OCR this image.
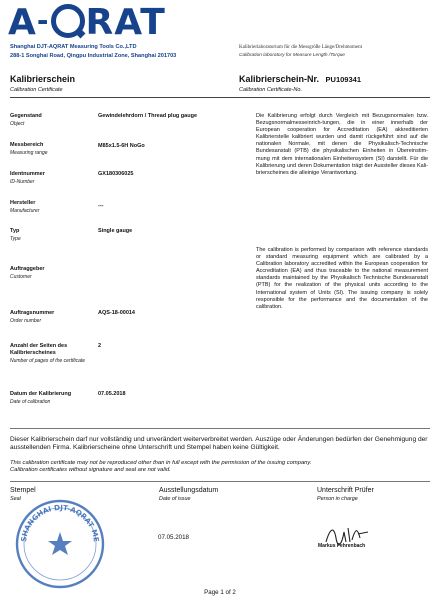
A- RAT
Shanghai DJT-AQRAT Measuring Tools Co.,LTD
288-1 Songhai Road, Qingpu Industrial Zone, Shanghai 201703
Kalibrierlaboratorium für die Messgröße Länge/Drehmoment
Calibration laboratory for Measure Length /Torque
Kalibrierschein
Calibration Certificate
Kalibrierschein-Nr. PU109341
Calibration Certificate-No.
Gegenstand
Object
Gewindelehrdorn / Thread plug gauge
Messbereich
Measuring range
M85x1.5-6H NoGo
Identnummer
ID-Number
GX180306025
Hersteller
Manufacturer
---
Typ
Type
Single gauge
Auftraggeber
Customer
Auftragsnummer
Order number
AQS-18-00014
Anzahl der Seiten des Kalibrierscheines
Number of pages of the certificate
2
Datum der Kalibrierung
Date of calibration
07.05.2018
Die Kalibrierung erfolgt durch Vergleich mit Bezugsnormalen bzw. Bezugsnormalmesseinrich-tungen, die in einer innerhalb der European cooperation for Accreditation (EA) akkreditierten Kalibrierstelle kalibriert wurden und damit rückgeführt sind auf die nationalen Normale, mit denen die Physikalisch-Technische Bundesanstalt (PTB) die physikalischen Einheiten in Übereinstim-mung mit dem internationalen Einheitensystem (SI) darstellt. Für die Kalibrierung und deren Dokumentation trägt der Aussteller dieses Kali-brierscheines die alleinige Verantwortung.
The calibration is performed by comparison with reference standards or standard measuring equipment which are calibrated by a Calibration laboratory accredited within the European cooperation for Accreditation (EA) and thus traceable to the national measurement standards maintained by the Physikalisch Technische Bundesanstalt (PTB) for the realization of the physical units according to the International system of Units (SI). The issuing company is solely responsible for the performance and the documentation of the calibration.
Dieser Kalibrierschein darf nur vollständig und unverändert weiterverbreitet werden. Auszüge oder Änderungen bedürfen der Genehmigung der ausstellenden Firma. Kalibrierscheine ohne Unterschrift und Stempel haben keine Gültigkeit.
This calibration certificate may not be reproduced other than in full except with the permission of the issuing company.
Calibration certificates without signature and seal are not valid.
Stempel
Seal
Ausstellungsdatum
Date of issue
Unterschrift Prüfer
Person in charge
SHANGHAI DJT-AQRAT ME	07.05.2018
Markus Fehrenbach
Page 1 of 2
